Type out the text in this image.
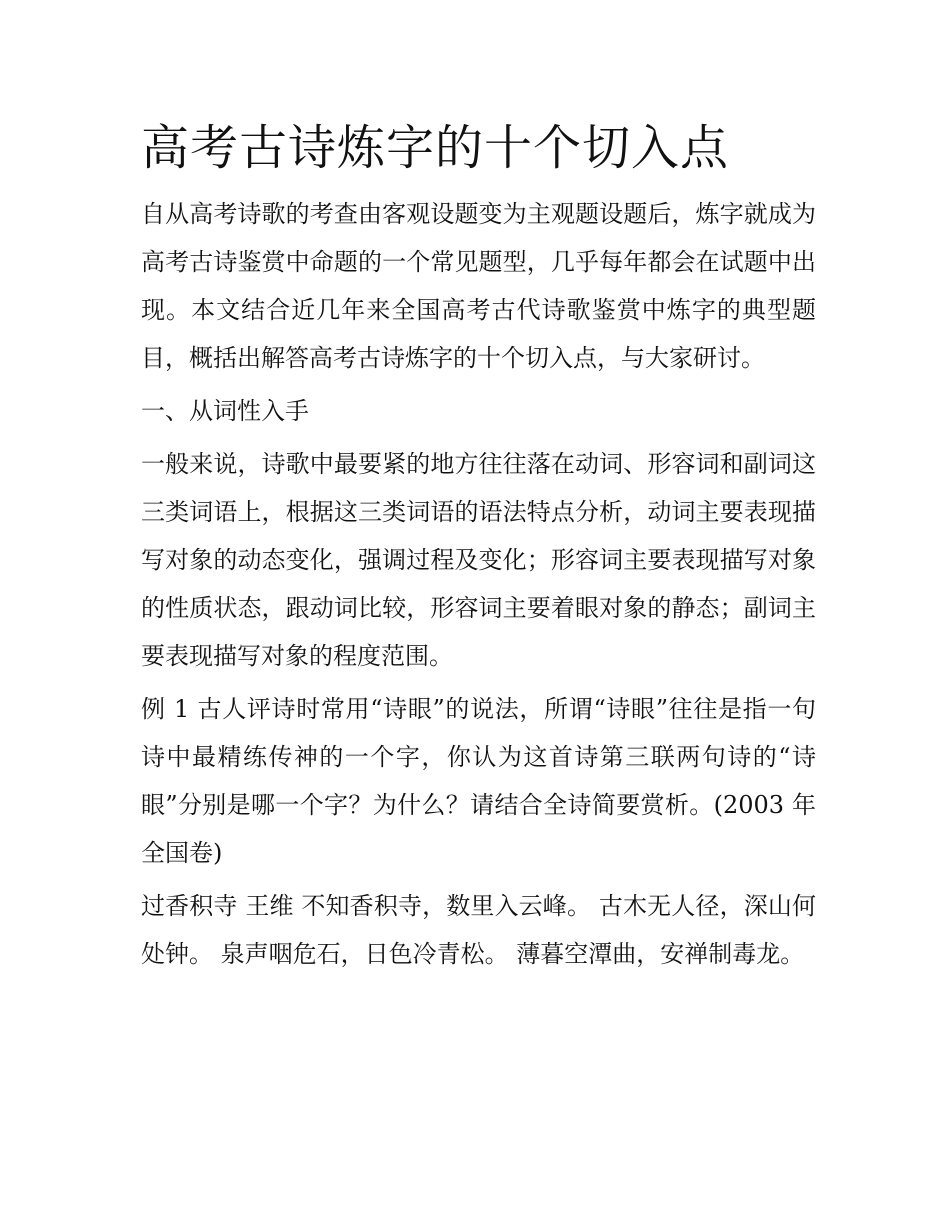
高考古诗炼字的十个切入点

自从高考诗歌的考查由客观设题变为主观题设题后，炼字就成为高考古诗鉴赏中命题的一个常见题型，几乎每年都会在试题中出现。本文结合近几年来全国高考古代诗歌鉴赏中炼字的典型题目，概括出解答高考古诗炼字的十个切入点，与大家研讨。

一、从词性入手

一般来说，诗歌中最要紧的地方往往落在动词、形容词和副词这三类词语上，根据这三类词语的语法特点分析，动词主要表现描写对象的动态变化，强调过程及变化；形容词主要表现描写对象的性质状态，跟动词比较，形容词主要着眼对象的静态；副词主要表现描写对象的程度范围。

例 1 古人评诗时常用“诗眼”的说法，所谓“诗眼”往往是指一句诗中最精练传神的一个字，你认为这首诗第三联两句诗的“诗眼”分别是哪一个字？为什么？请结合全诗简要赏析。(2003 年全国卷)

过香积寺 王维 不知香积寺，数里入云峰。 古木无人径，深山何处钟。 泉声咽危石，日色冷青松。 薄暮空潭曲，安禅制毒龙。
